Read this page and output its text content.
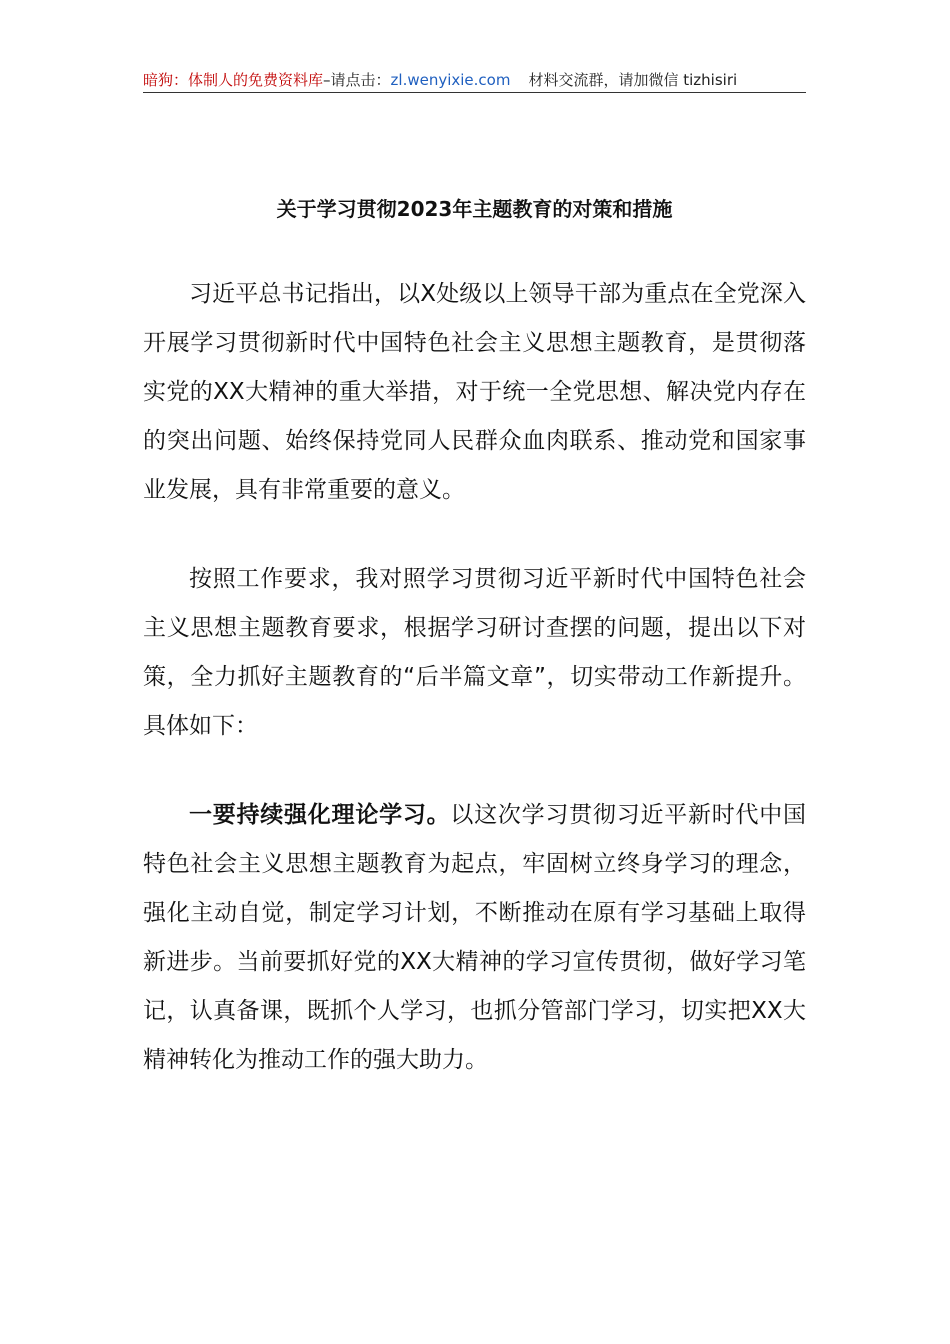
暗狗：体制人的免费资料库–请点击：zl.wenyixie.com 材料交流群，请加微信 tizhisiri
关于学习贯彻2023年主题教育的对策和措施

习近平总书记指出，以X处级以上领导干部为重点在全党深入开展学习贯彻新时代中国特色社会主义思想主题教育，是贯彻落实党的XX大精神的重大举措，对于统一全党思想、解决党内存在的突出问题、始终保持党同人民群众血肉联系、推动党和国家事业发展，具有非常重要的意义。

按照工作要求，我对照学习贯彻习近平新时代中国特色社会主义思想主题教育要求，根据学习研讨查摆的问题，提出以下对策，全力抓好主题教育的“后半篇文章”，切实带动工作新提升。具体如下：

一要持续强化理论学习。以这次学习贯彻习近平新时代中国特色社会主义思想主题教育为起点，牢固树立终身学习的理念，强化主动自觉，制定学习计划，不断推动在原有学习基础上取得新进步。当前要抓好党的XX大精神的学习宣传贯彻，做好学习笔记，认真备课，既抓个人学习，也抓分管部门学习，切实把XX大精神转化为推动工作的强大助力。
